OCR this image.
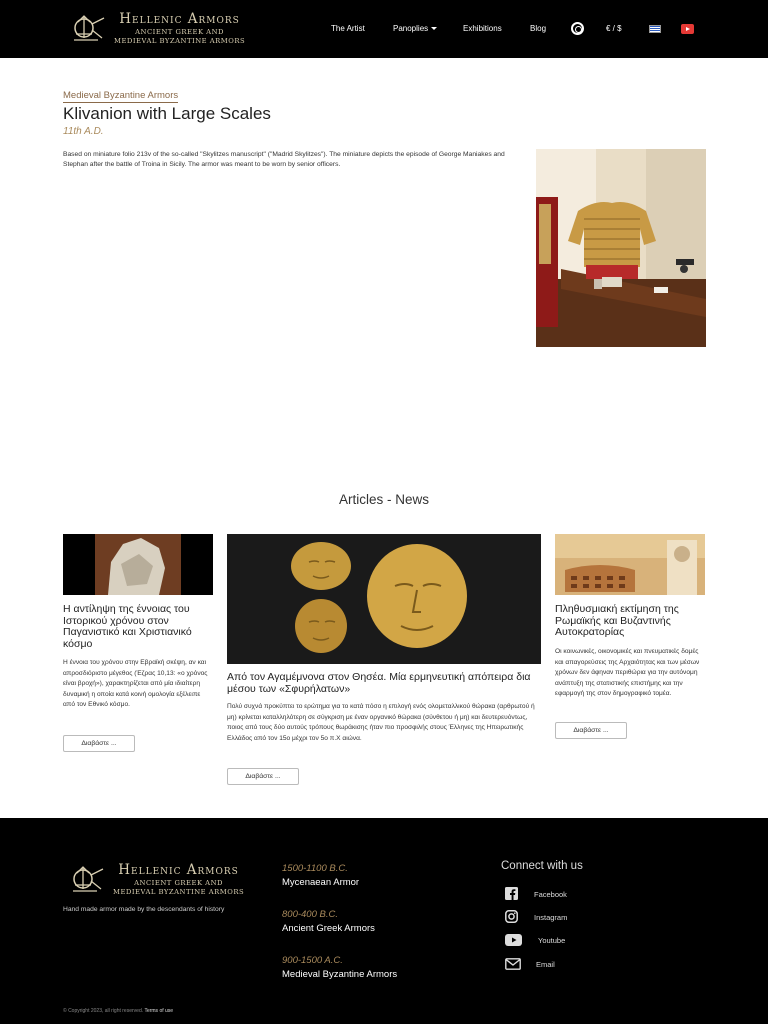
Hellenic Armors
ANCIENT GREEK AND
MEDIEVAL BYZANTINE ARMORS
The Artist	Panoplies	Exhibitions	Blog	€ / $
Medieval Byzantine Armors
Klivanion with Large Scales
11th A.D.

Based on miniature folio 213v of the so-called "Skylitzes manuscript" ("Madrid Skylitzes"). The miniature depicts the episode of George Maniakes and Stephan after the battle of Troina in Sicily. The armor was meant to be worn by senior officers.

Articles - News
Η αντίληψη της έννοιας του Ιστορικού χρόνου στον Παγανιστικό και Χριστιανικό κόσμο
Η έννοια του χρόνου στην Εβραϊκή σκέψη, αν και απροσδιόριστο μέγεθος (Έζρας 10,13: «ο χρόνος είναι βροχή»), χαρακτηρίζεται από μία ιδιαίτερη δυναμική η οποία κατά κοινή ομολογία εξέλειπε από τον Εθνικό κόσμο.
Διαβάστε ...
Από τον Αγαμέμνονα στον Θησέα. Μία ερμηνευτική απόπειρα δια μέσου των «Σφυρήλατων»
Πολύ συχνά προκύπτει το ερώτημα για το κατά πόσο η επιλογή ενός ολομεταλλικού θώρακα (αρθρωτού ή μη) κρίνεται καταλληλότερη σε σύγκριση με έναν οργανικό θώρακα (σύνθετου ή μη) και δευτερευόντως, ποιος από τους δύο αυτούς τρόπους θωράκισης ήταν πιο προσφιλής στους Έλληνες της Ηπειρωτικής Ελλάδος από τον 15ο μέχρι τον 5ο π.Χ αιώνα.
Διαβάστε ...
Πληθυσμιακή εκτίμηση της Ρωμαϊκής και Βυζαντινής Αυτοκρατορίας
Οι κοινωνικές, οικονομικές και πνευματικές δομές και απαγορεύσεις της Αρχαιότητας και των μέσων χρόνων δεν άφηναν περιθώρια για την αυτόνομη ανάπτυξη της στατιστικής επιστήμης και την εφαρμογή της στον δημογραφικό τομέα.
Διαβάστε ...
Hellenic Armors
ANCIENT GREEK AND
MEDIEVAL BYZANTINE ARMORS
Hand made armor made by the descendants of history
1500-1100 B.C.
Mycenaean Armor
800-400 B.C.
Ancient Greek Armors
900-1500 A.C.
Medieval Byzantine Armors
Connect with us
Facebook
Instagram
Youtube
Email
© Copyright 2023, all right reserved. Terms of use
